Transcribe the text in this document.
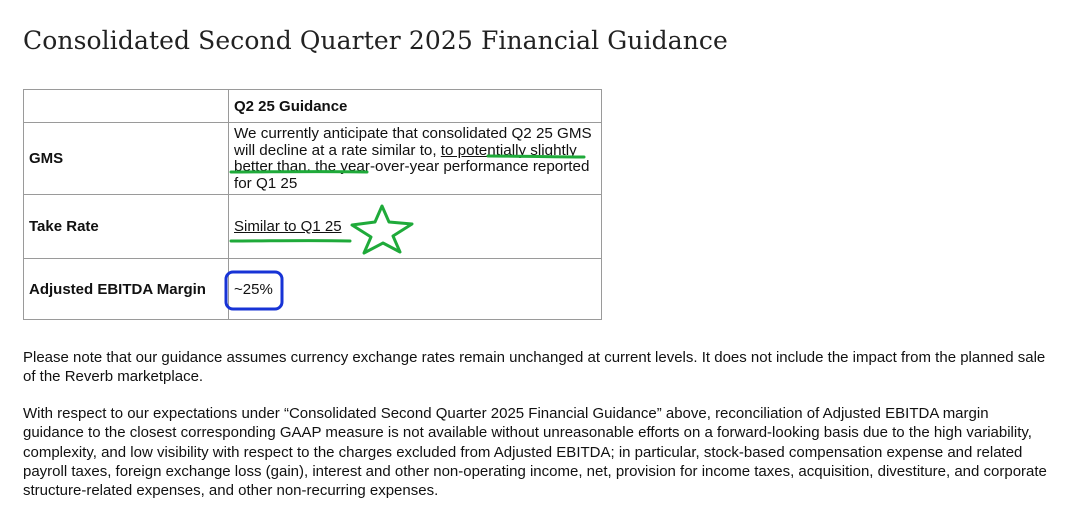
Consolidated Second Quarter 2025 Financial Guidance
	Q2 25 Guidance
GMS	We currently anticipate that consolidated Q2 25 GMS will decline at a rate similar to, to potentially slightly better than, the year-over-year performance reported for Q1 25

Take Rate	Similar to Q1 25
Adjusted EBITDA Margin	~25%

Please note that our guidance assumes currency exchange rates remain unchanged at current levels. It does not include the impact from the planned sale of the Reverb marketplace.

With respect to our expectations under “Consolidated Second Quarter 2025 Financial Guidance” above, reconciliation of Adjusted EBITDA margin guidance to the closest corresponding GAAP measure is not available without unreasonable efforts on a forward-looking basis due to the high variability, complexity, and low visibility with respect to the charges excluded from Adjusted EBITDA; in particular, stock-based compensation expense and related payroll taxes, foreign exchange loss (gain), interest and other non-operating income, net, provision for income taxes, acquisition, divestiture, and corporate structure-related expenses, and other non-recurring expenses.
